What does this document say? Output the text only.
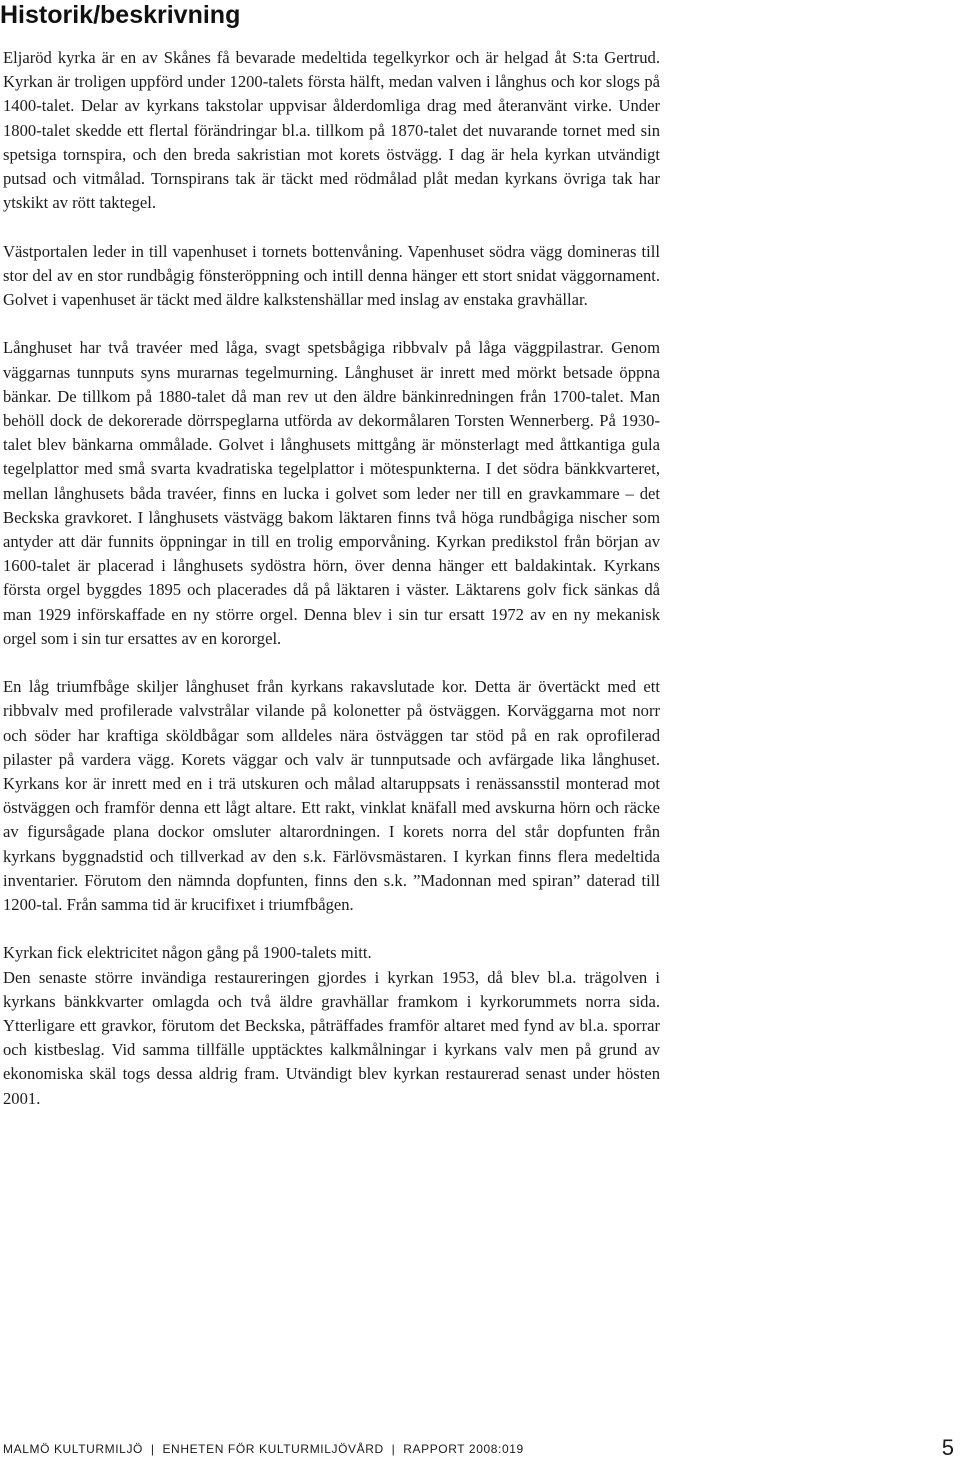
Historik/beskrivning

Eljaröd kyrka är en av Skånes få bevarade medeltida tegelkyrkor och är helgad åt S:ta Gertrud. Kyrkan är troligen uppförd under 1200-talets första hälft, medan valven i långhus och kor slogs på 1400-talet. Delar av kyrkans takstolar uppvisar ålderdomliga drag med återanvänt virke. Under 1800-talet skedde ett flertal förändringar bl.a. tillkom på 1870-talet det nuvarande tornet med sin spetsiga tornspira, och den breda sakristian mot korets östvägg. I dag är hela kyrkan utvändigt putsad och vitmålad. Tornspirans tak är täckt med rödmålad plåt medan kyrkans övriga tak har ytskikt av rött taktegel.

Västportalen leder in till vapenhuset i tornets bottenvåning. Vapenhuset södra vägg domineras till stor del av en stor rundbågig fönsteröppning och intill denna hänger ett stort snidat väggornament. Golvet i vapenhuset är täckt med äldre kalkstenshällar med inslag av enstaka gravhällar.

Långhuset har två travéer med låga, svagt spetsbågiga ribbvalv på låga väggpilastrar. Genom väggarnas tunnputs syns murarnas tegelmurning. Långhuset är inrett med mörkt betsade öppna bänkar. De tillkom på 1880-talet då man rev ut den äldre bänkinredningen från 1700-talet. Man behöll dock de dekorerade dörrspeglarna utförda av dekormålaren Torsten Wennerberg. På 1930-talet blev bänkarna ommålade. Golvet i långhusets mittgång är mönsterlagt med åttkantiga gula tegelplattor med små svarta kvadratiska tegelplattor i mötespunkterna. I det södra bänkkvarteret, mellan långhusets båda travéer, finns en lucka i golvet som leder ner till en gravkammare – det Beckska gravkoret. I långhusets västvägg bakom läktaren finns två höga rundbågiga nischer som antyder att där funnits öppningar in till en trolig emporvåning. Kyrkan predikstol från början av 1600-talet är placerad i långhusets sydöstra hörn, över denna hänger ett baldakintak. Kyrkans första orgel byggdes 1895 och placerades då på läktaren i väster. Läktarens golv fick sänkas då man 1929 införskaffade en ny större orgel. Denna blev i sin tur ersatt 1972 av en ny mekanisk orgel som i sin tur ersattes av en kororgel.

En låg triumfbåge skiljer långhuset från kyrkans rakavslutade kor. Detta är övertäckt med ett ribbvalv med profilerade valvstrålar vilande på kolonetter på östväggen. Korväggarna mot norr och söder har kraftiga sköldbågar som alldeles nära östväggen tar stöd på en rak oprofilerad pilaster på vardera vägg. Korets väggar och valv är tunnputsade och avfärgade lika långhuset. Kyrkans kor är inrett med en i trä utskuren och målad altaruppsats i renässansstil monterad mot östväggen och framför denna ett lågt altare. Ett rakt, vinklat knäfall med avskurna hörn och räcke av figursågade plana dockor omsluter altarordningen. I korets norra del står dopfunten från kyrkans byggnadstid och tillverkad av den s.k. Färlövsmästaren. I kyrkan finns flera medeltida inventarier. Förutom den nämnda dopfunten, finns den s.k. ”Madonnan med spiran” daterad till 1200-tal. Från samma tid är krucifixet i triumfbågen.

Kyrkan fick elektricitet någon gång på 1900-talets mitt.

Den senaste större invändiga restaureringen gjordes i kyrkan 1953, då blev bl.a. trägolven i kyrkans bänkkvarter omlagda och två äldre gravhällar framkom i kyrkorummets norra sida. Ytterligare ett gravkor, förutom det Beckska, påträffades framför altaret med fynd av bl.a. sporrar och kistbeslag. Vid samma tillfälle upptäcktes kalkmålningar i kyrkans valv men på grund av ekonomiska skäl togs dessa aldrig fram. Utvändigt blev kyrkan restaurerad senast under hösten 2001.

MALMÖ KULTURMILJÖ  |  ENHETEN FÖR KULTURMILJÖVÅRD  |  RAPPORT 2008:019	5
